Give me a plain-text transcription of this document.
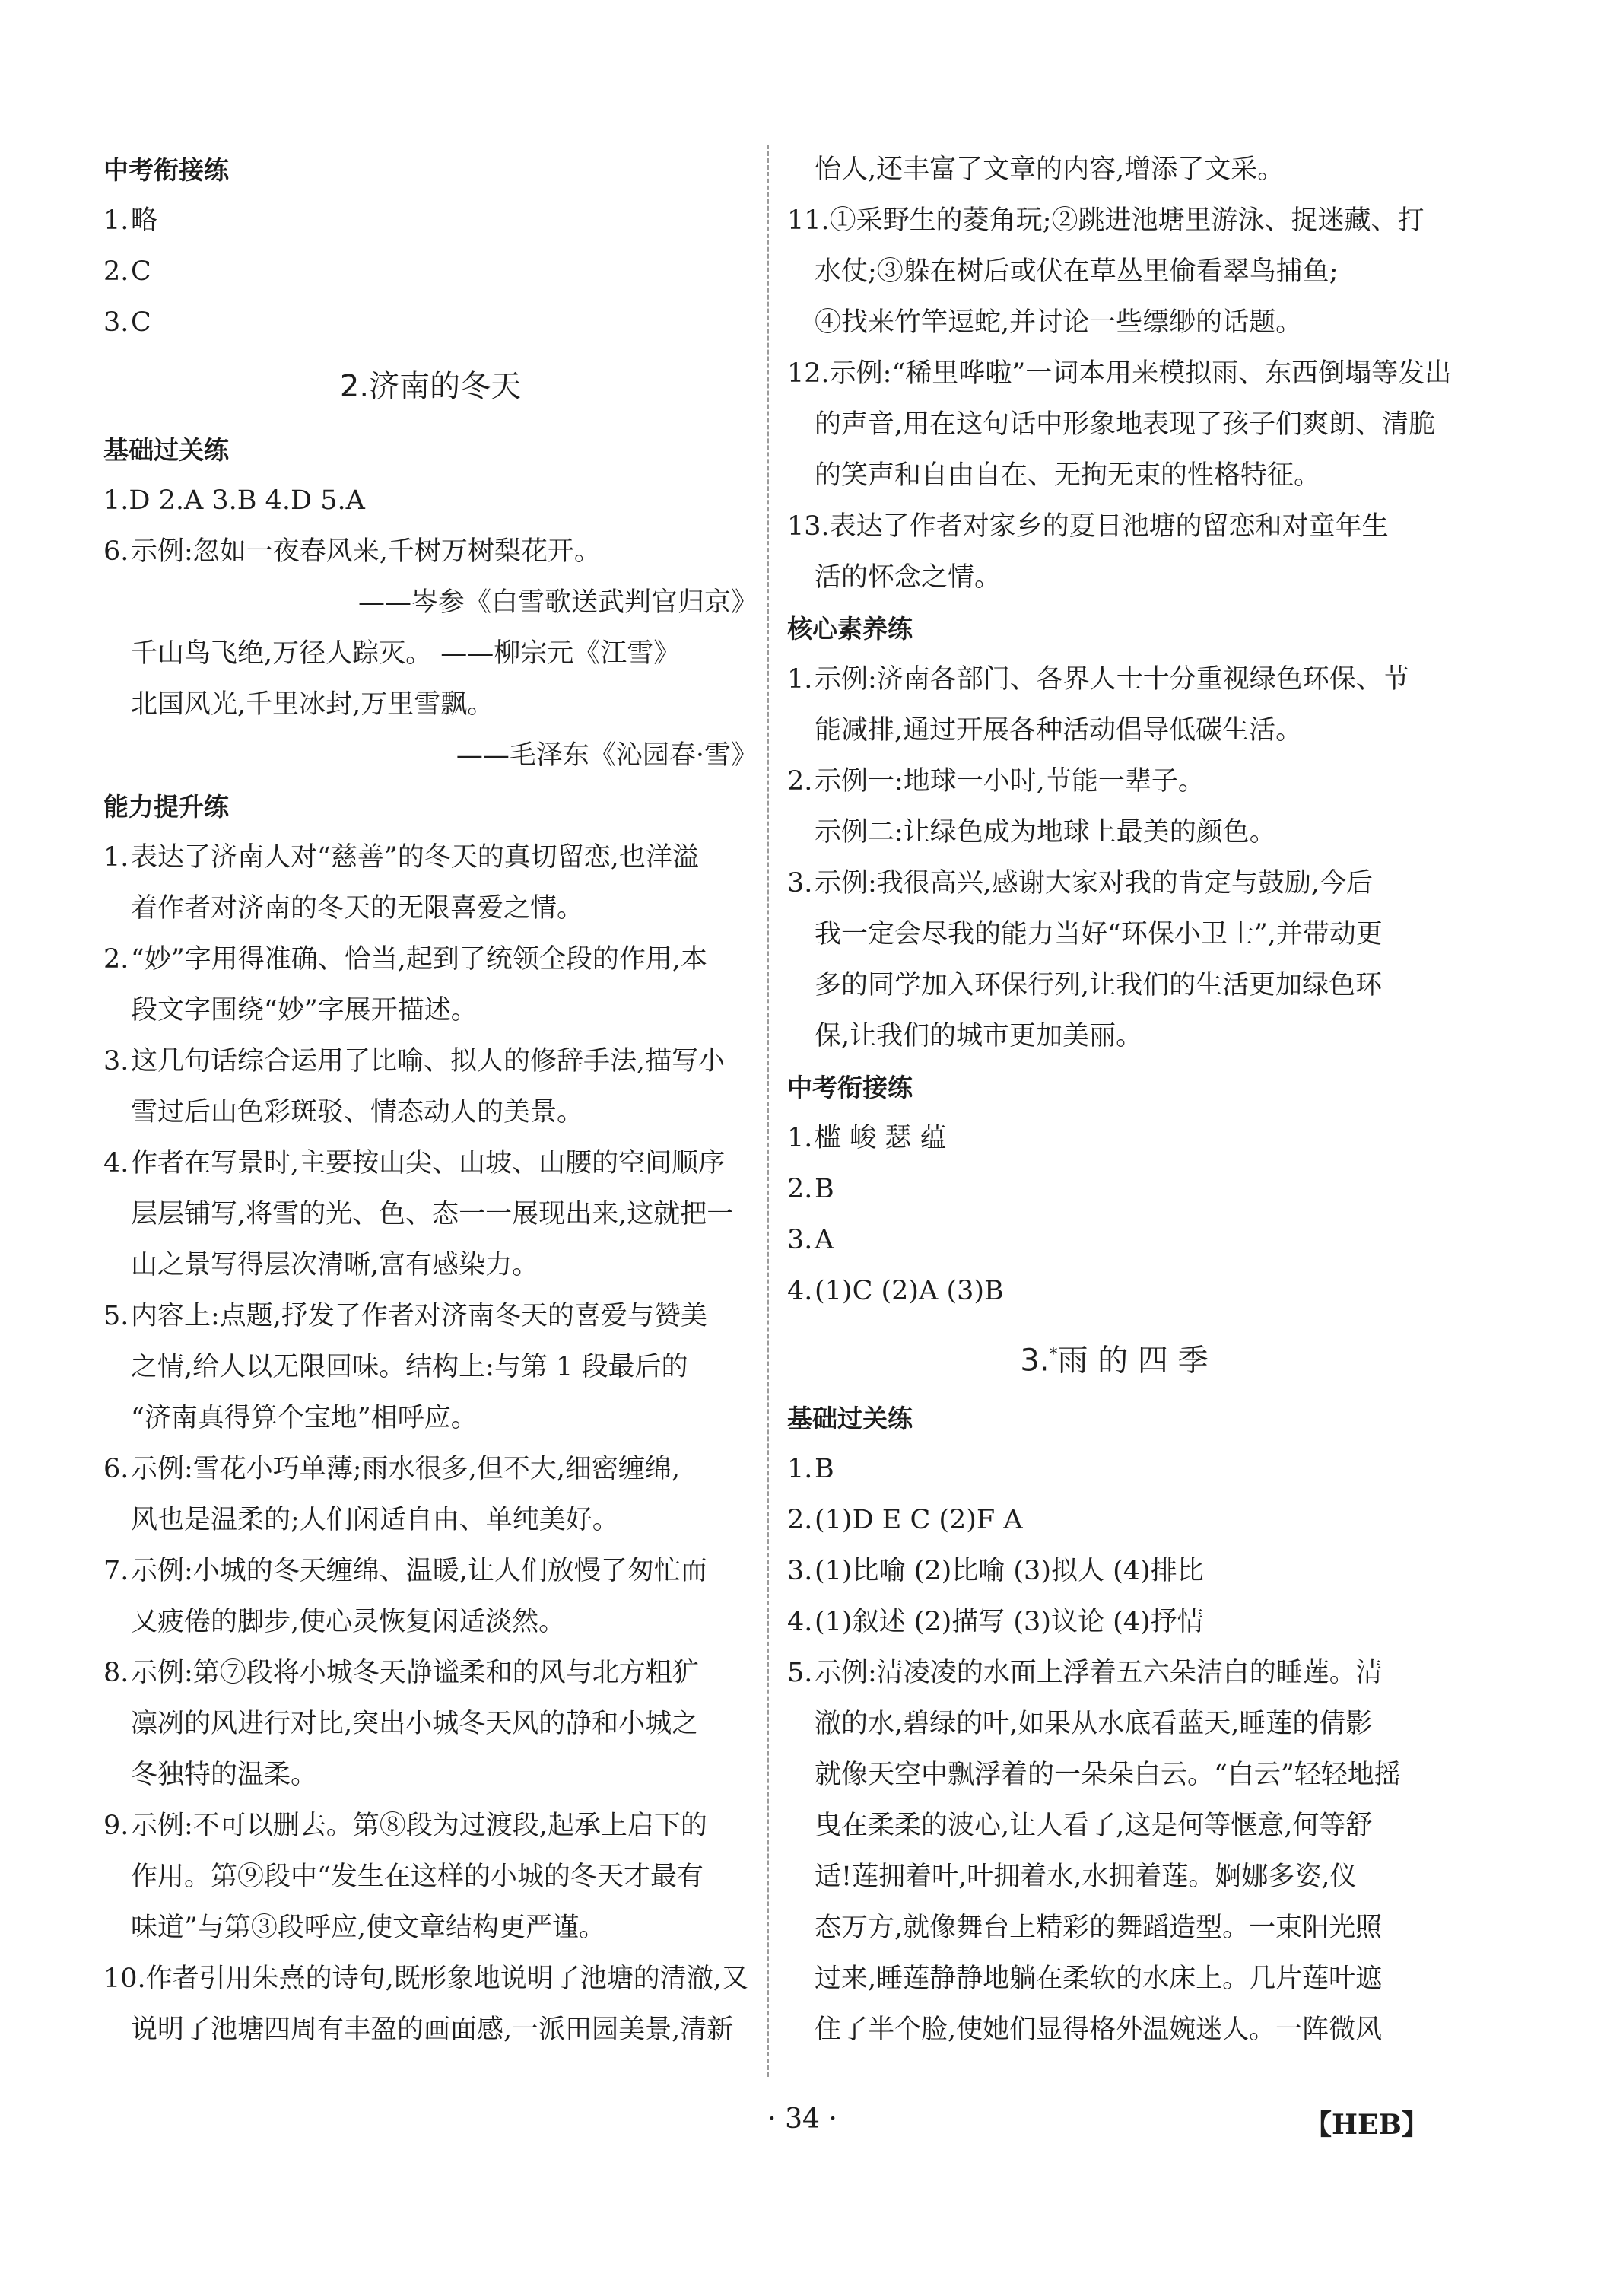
中考衔接练
1.略
2.C
3.C
2.济南的冬天
基础过关练
1.D 2.A 3.B 4.D 5.A
6.示例:忽如一夜春风来,千树万树梨花开。
——岑参《白雪歌送武判官归京》
千山鸟飞绝,万径人踪灭。 ——柳宗元《江雪》
北国风光,千里冰封,万里雪飘。
——毛泽东《沁园春·雪》
能力提升练
1.表达了济南人对“慈善”的冬天的真切留恋,也洋溢
着作者对济南的冬天的无限喜爱之情。
2.“妙”字用得准确、恰当,起到了统领全段的作用,本
段文字围绕“妙”字展开描述。
3.这几句话综合运用了比喻、拟人的修辞手法,描写小
雪过后山色彩斑驳、情态动人的美景。
4.作者在写景时,主要按山尖、山坡、山腰的空间顺序
层层铺写,将雪的光、色、态一一展现出来,这就把一
山之景写得层次清晰,富有感染力。
5.内容上:点题,抒发了作者对济南冬天的喜爱与赞美
之情,给人以无限回味。结构上:与第 1 段最后的
“济南真得算个宝地”相呼应。
6.示例:雪花小巧单薄;雨水很多,但不大,细密缠绵,
风也是温柔的;人们闲适自由、单纯美好。
7.示例:小城的冬天缠绵、温暖,让人们放慢了匆忙而
又疲倦的脚步,使心灵恢复闲适淡然。
8.示例:第⑦段将小城冬天静谧柔和的风与北方粗犷
凛冽的风进行对比,突出小城冬天风的静和小城之
冬独特的温柔。
9.示例:不可以删去。第⑧段为过渡段,起承上启下的
作用。第⑨段中“发生在这样的小城的冬天才最有
味道”与第③段呼应,使文章结构更严谨。
10.作者引用朱熹的诗句,既形象地说明了池塘的清澈,又
说明了池塘四周有丰盈的画面感,一派田园美景,清新
怡人,还丰富了文章的内容,增添了文采。
11.①采野生的菱角玩;②跳进池塘里游泳、捉迷藏、打
水仗;③躲在树后或伏在草丛里偷看翠鸟捕鱼;
④找来竹竿逗蛇,并讨论一些缥缈的话题。
12.示例:“稀里哗啦”一词本用来模拟雨、东西倒塌等发出
的声音,用在这句话中形象地表现了孩子们爽朗、清脆
的笑声和自由自在、无拘无束的性格特征。
13.表达了作者对家乡的夏日池塘的留恋和对童年生
活的怀念之情。
核心素养练
1.示例:济南各部门、各界人士十分重视绿色环保、节
能减排,通过开展各种活动倡导低碳生活。
2.示例一:地球一小时,节能一辈子。
示例二:让绿色成为地球上最美的颜色。
3.示例:我很高兴,感谢大家对我的肯定与鼓励,今后
我一定会尽我的能力当好“环保小卫士”,并带动更
多的同学加入环保行列,让我们的生活更加绿色环
保,让我们的城市更加美丽。
中考衔接练
1.槛 峻 瑟 蕴
2.B
3.A
4.(1)C (2)A (3)B
3.*雨 的 四 季
基础过关练
1.B
2.(1)D E C (2)F A
3.(1)比喻 (2)比喻 (3)拟人 (4)排比
4.(1)叙述 (2)描写 (3)议论 (4)抒情
5.示例:清凌凌的水面上浮着五六朵洁白的睡莲。清
澈的水,碧绿的叶,如果从水底看蓝天,睡莲的倩影
就像天空中飘浮着的一朵朵白云。“白云”轻轻地摇
曳在柔柔的波心,让人看了,这是何等惬意,何等舒
适!莲拥着叶,叶拥着水,水拥着莲。婀娜多姿,仪
态万方,就像舞台上精彩的舞蹈造型。一束阳光照
过来,睡莲静静地躺在柔软的水床上。几片莲叶遮
住了半个脸,使她们显得格外温婉迷人。一阵微风
· 34 ·	【HEB】
